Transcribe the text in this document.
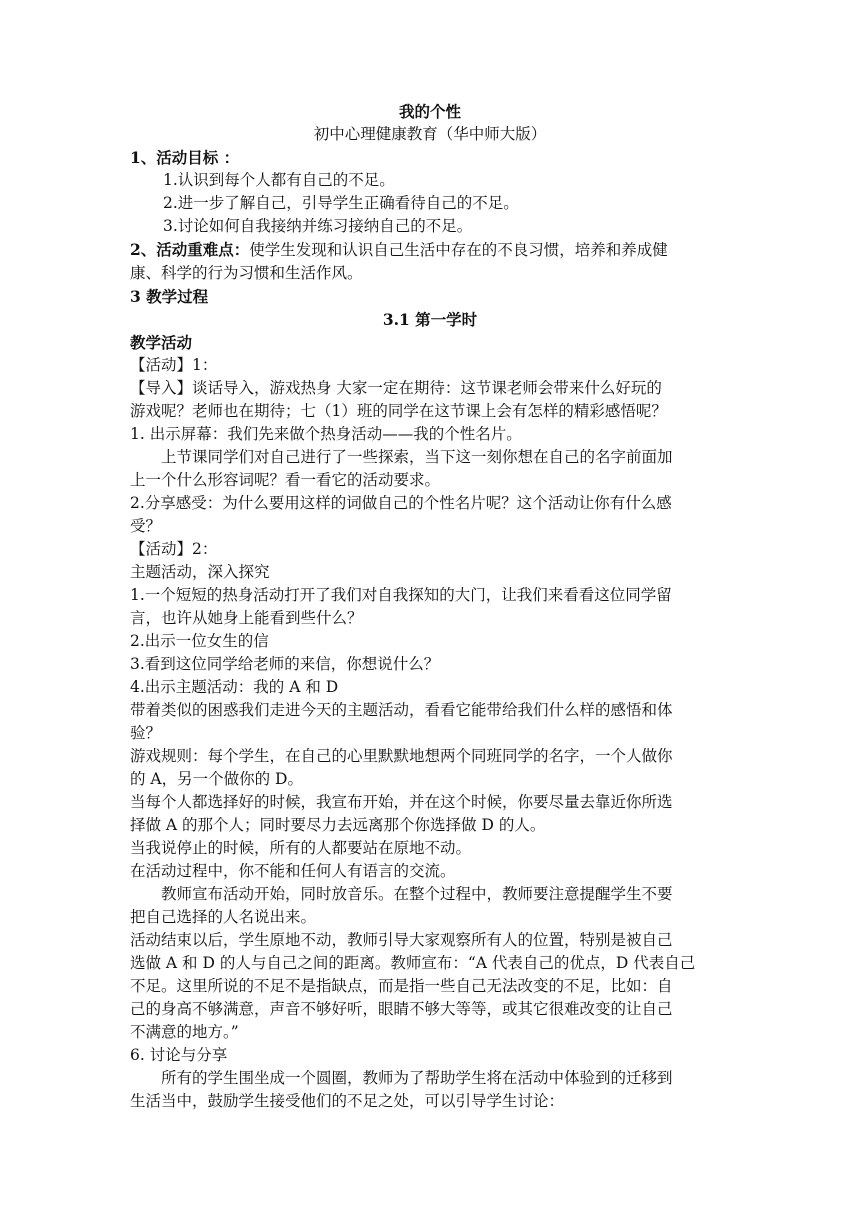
我的个性
初中心理健康教育（华中师大版）
1、活动目标 ：
1.认识到每个人都有自己的不足。
2.进一步了解自己，引导学生正确看待自己的不足。
3.讨论如何自我接纳并练习接纳自己的不足。
2、活动重难点：使学生发现和认识自己生活中存在的不良习惯，培养和养成健
康、科学的行为习惯和生活作风。
3 教学过程
3.1 第一学时
教学活动
【活动】1：
【导入】谈话导入，游戏热身 大家一定在期待：这节课老师会带来什么好玩的
游戏呢？老师也在期待；七（1）班的同学在这节课上会有怎样的精彩感悟呢？
1. 出示屏幕：我们先来做个热身活动——我的个性名片。
上节课同学们对自己进行了一些探索，当下这一刻你想在自己的名字前面加
上一个什么形容词呢？看一看它的活动要求。
2.分享感受：为什么要用这样的词做自己的个性名片呢？这个活动让你有什么感
受？
【活动】2：
主题活动，深入探究
1.一个短短的热身活动打开了我们对自我探知的大门，让我们来看看这位同学留
言，也许从她身上能看到些什么？
2.出示一位女生的信
3.看到这位同学给老师的来信，你想说什么？
4.出示主题活动：我的 A 和 D
带着类似的困惑我们走进今天的主题活动，看看它能带给我们什么样的感悟和体
验？
游戏规则：每个学生，在自己的心里默默地想两个同班同学的名字，一个人做你
的 A，另一个做你的 D。
当每个人都选择好的时候，我宣布开始，并在这个时候，你要尽量去靠近你所选
择做 A 的那个人；同时要尽力去远离那个你选择做 D 的人。
当我说停止的时候，所有的人都要站在原地不动。
在活动过程中，你不能和任何人有语言的交流。
教师宣布活动开始，同时放音乐。在整个过程中，教师要注意提醒学生不要
把自己选择的人名说出来。
活动结束以后，学生原地不动，教师引导大家观察所有人的位置，特别是被自己
选做 A 和 D 的人与自己之间的距离。教师宣布：“A 代表自己的优点，D 代表自己
不足。这里所说的不足不是指缺点，而是指一些自己无法改变的不足，比如：自
己的身高不够满意，声音不够好听，眼睛不够大等等，或其它很难改变的让自己
不满意的地方。”
6. 讨论与分享
所有的学生围坐成一个圆圈，教师为了帮助学生将在活动中体验到的迁移到
生活当中，鼓励学生接受他们的不足之处，可以引导学生讨论：
